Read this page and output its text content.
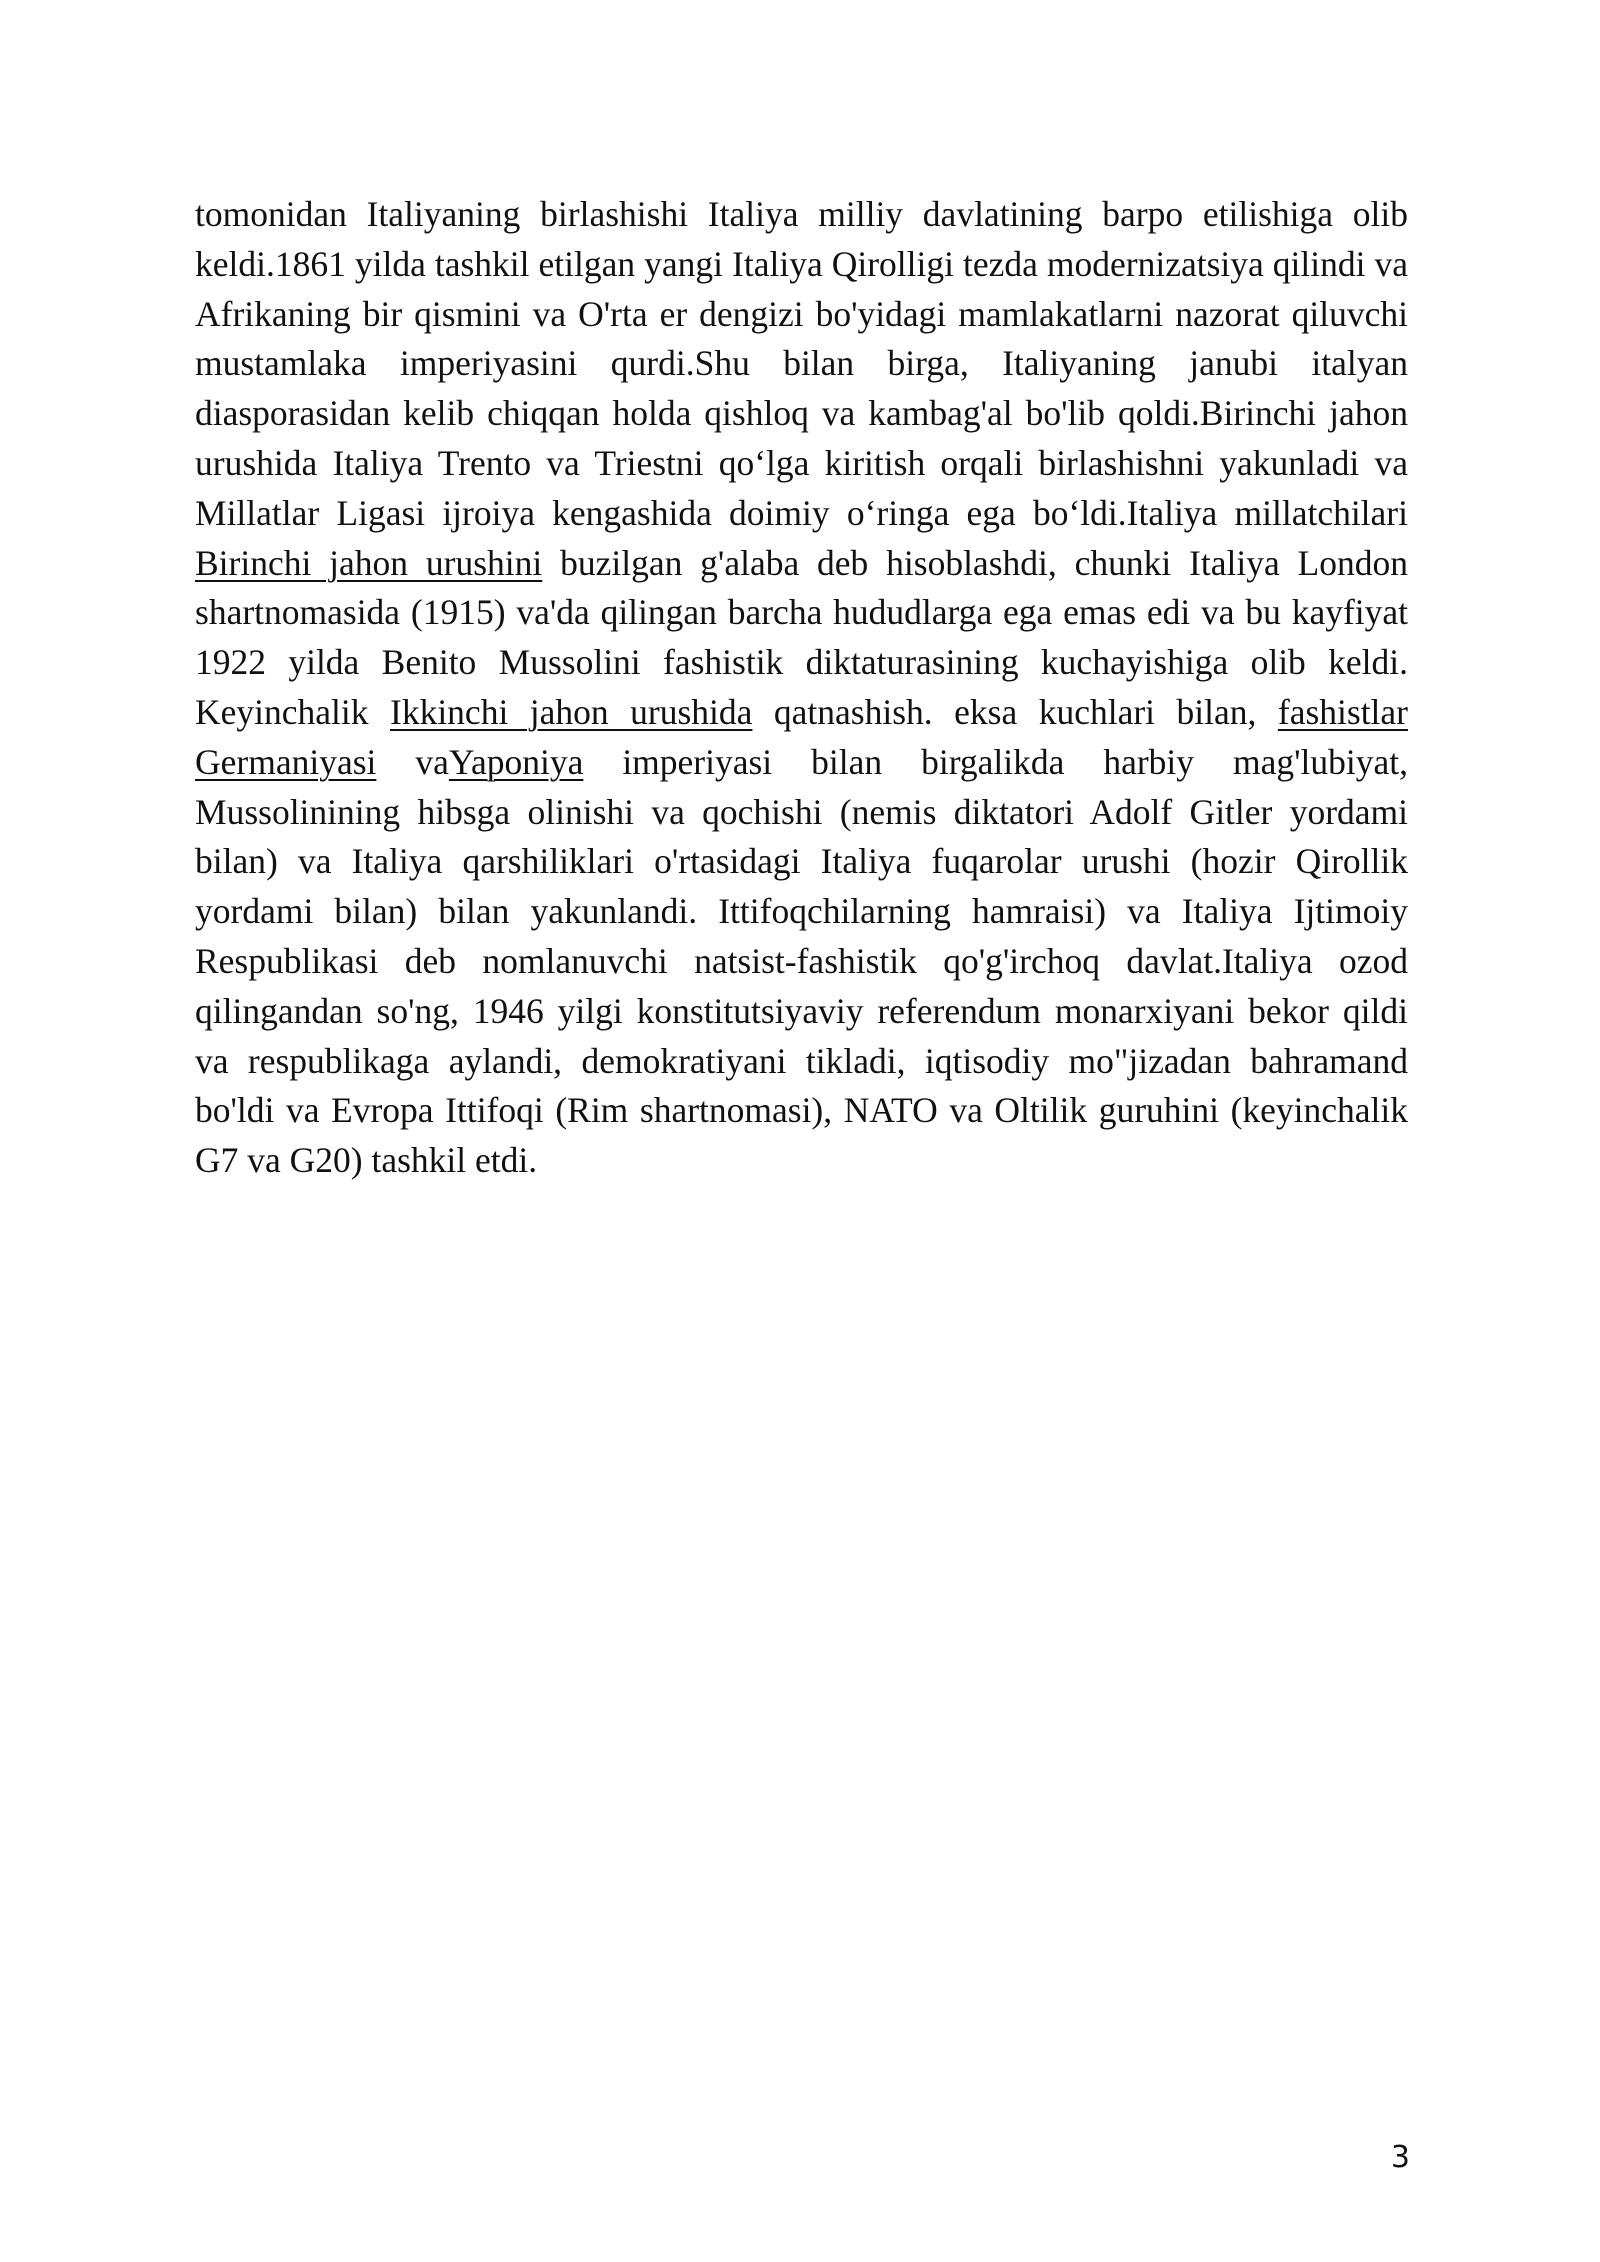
tomonidan Italiyaning birlashishi Italiya milliy davlatining barpo etilishiga olib keldi.1861 yilda tashkil etilgan yangi Italiya Qirolligi tezda modernizatsiya qilindi va Afrikaning bir qismini va O'rta er dengizi bo'yidagi mamlakatlarni nazorat qiluvchi mustamlaka imperiyasini qurdi.Shu bilan birga, Italiyaning janubi italyan diasporasidan kelib chiqqan holda qishloq va kambag'al bo'lib qoldi.Birinchi jahon urushida Italiya Trento va Triestni qo‘lga kiritish orqali birlashishni yakunladi va Millatlar Ligasi ijroiya kengashida doimiy o‘ringa ega bo‘ldi.Italiya millatchilari Birinchi jahon urushini buzilgan g'alaba deb hisoblashdi, chunki Italiya London shartnomasida (1915) va'da qilingan barcha hududlarga ega emas edi va bu kayfiyat 1922 yilda Benito Mussolini fashistik diktaturasining kuchayishiga olib keldi. Keyinchalik Ikkinchi jahon urushida qatnashish. eksa kuchlari bilan, fashistlar Germaniyasi vaYaponiya imperiyasi bilan birgalikda harbiy mag'lubiyat, Mussolinining hibsga olinishi va qochishi (nemis diktatori Adolf Gitler yordami bilan) va Italiya qarshiliklari o'rtasidagi Italiya fuqarolar urushi (hozir Qirollik yordami bilan) bilan yakunlandi. Ittifoqchilarning hamraisi) va Italiya Ijtimoiy Respublikasi deb nomlanuvchi natsist-fashistik qo'g'irchoq davlat.Italiya ozod qilingandan so'ng, 1946 yilgi konstitutsiyaviy referendum monarxiyani bekor qildi va respublikaga aylandi, demokratiyani tikladi, iqtisodiy mo"jizadan bahramand bo'ldi va Evropa Ittifoqi (Rim shartnomasi), NATO va Oltilik guruhini (keyinchalik G7 va G20) tashkil etdi.

3
